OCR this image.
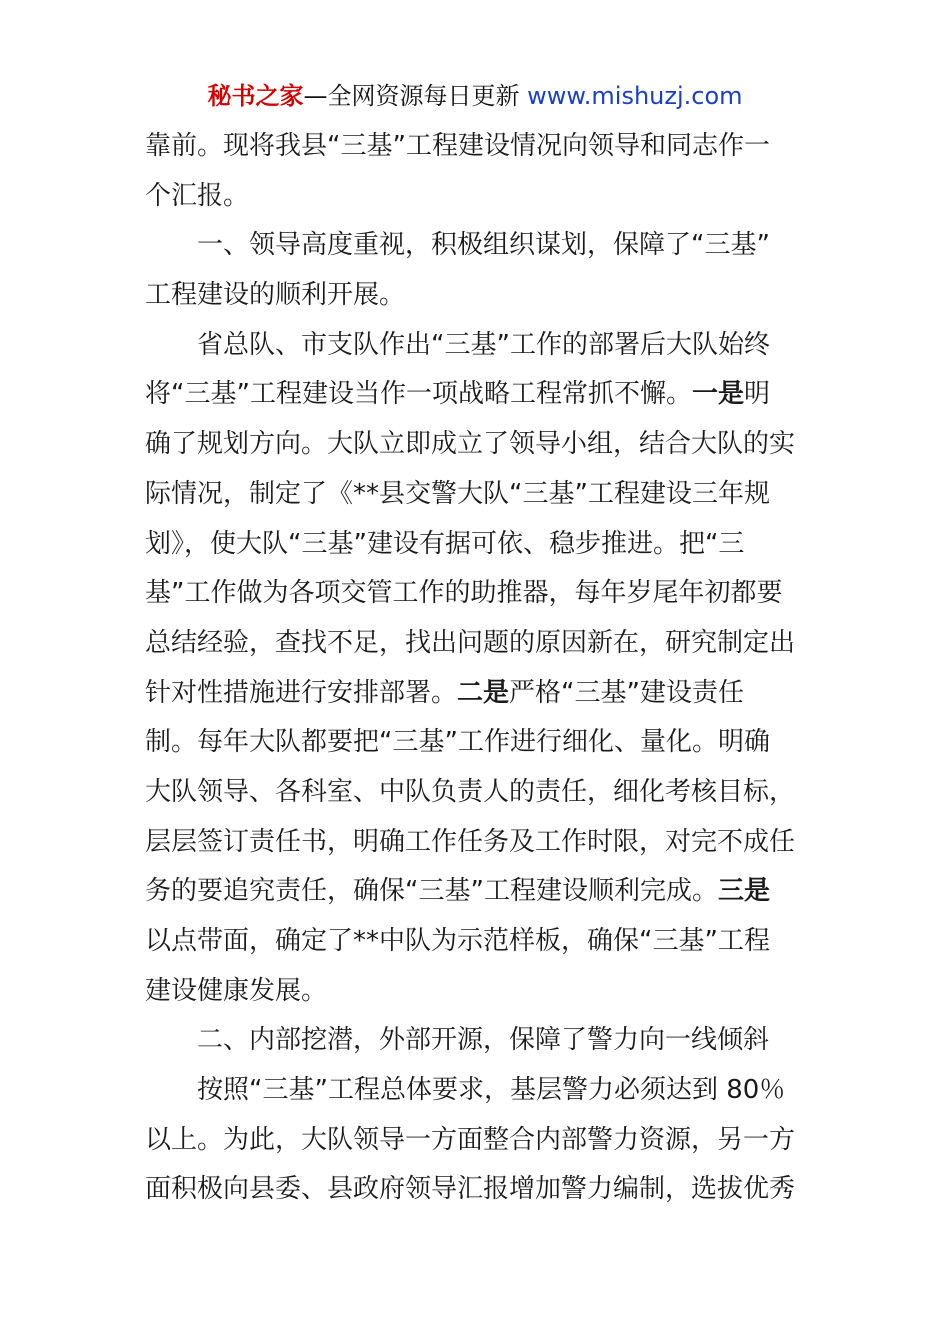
秘书之家—全网资源每日更新 www.mishuzj.com
靠前。现将我县“三基”工程建设情况向领导和同志作一
个汇报。
　　一、领导高度重视，积极组织谋划，保障了“三基”
工程建设的顺利开展。
　　省总队、市支队作出“三基”工作的部署后大队始终
将“三基”工程建设当作一项战略工程常抓不懈。一是明
确了规划方向。大队立即成立了领导小组，结合大队的实
际情况，制定了《**县交警大队“三基”工程建设三年规
划》，使大队“三基”建设有据可依、稳步推进。把“三
基”工作做为各项交管工作的助推器，每年岁尾年初都要
总结经验，查找不足，找出问题的原因新在，研究制定出
针对性措施进行安排部署。二是严格“三基”建设责任
制。每年大队都要把“三基”工作进行细化、量化。明确
大队领导、各科室、中队负责人的责任，细化考核目标，
层层签订责任书，明确工作任务及工作时限，对完不成任
务的要追究责任，确保“三基”工程建设顺利完成。三是
以点带面，确定了**中队为示范样板，确保“三基”工程
建设健康发展。
　　二、内部挖潜，外部开源，保障了警力向一线倾斜
　　按照“三基”工程总体要求，基层警力必须达到 80％
以上。为此，大队领导一方面整合内部警力资源，另一方
面积极向县委、县政府领导汇报增加警力编制，选拔优秀
